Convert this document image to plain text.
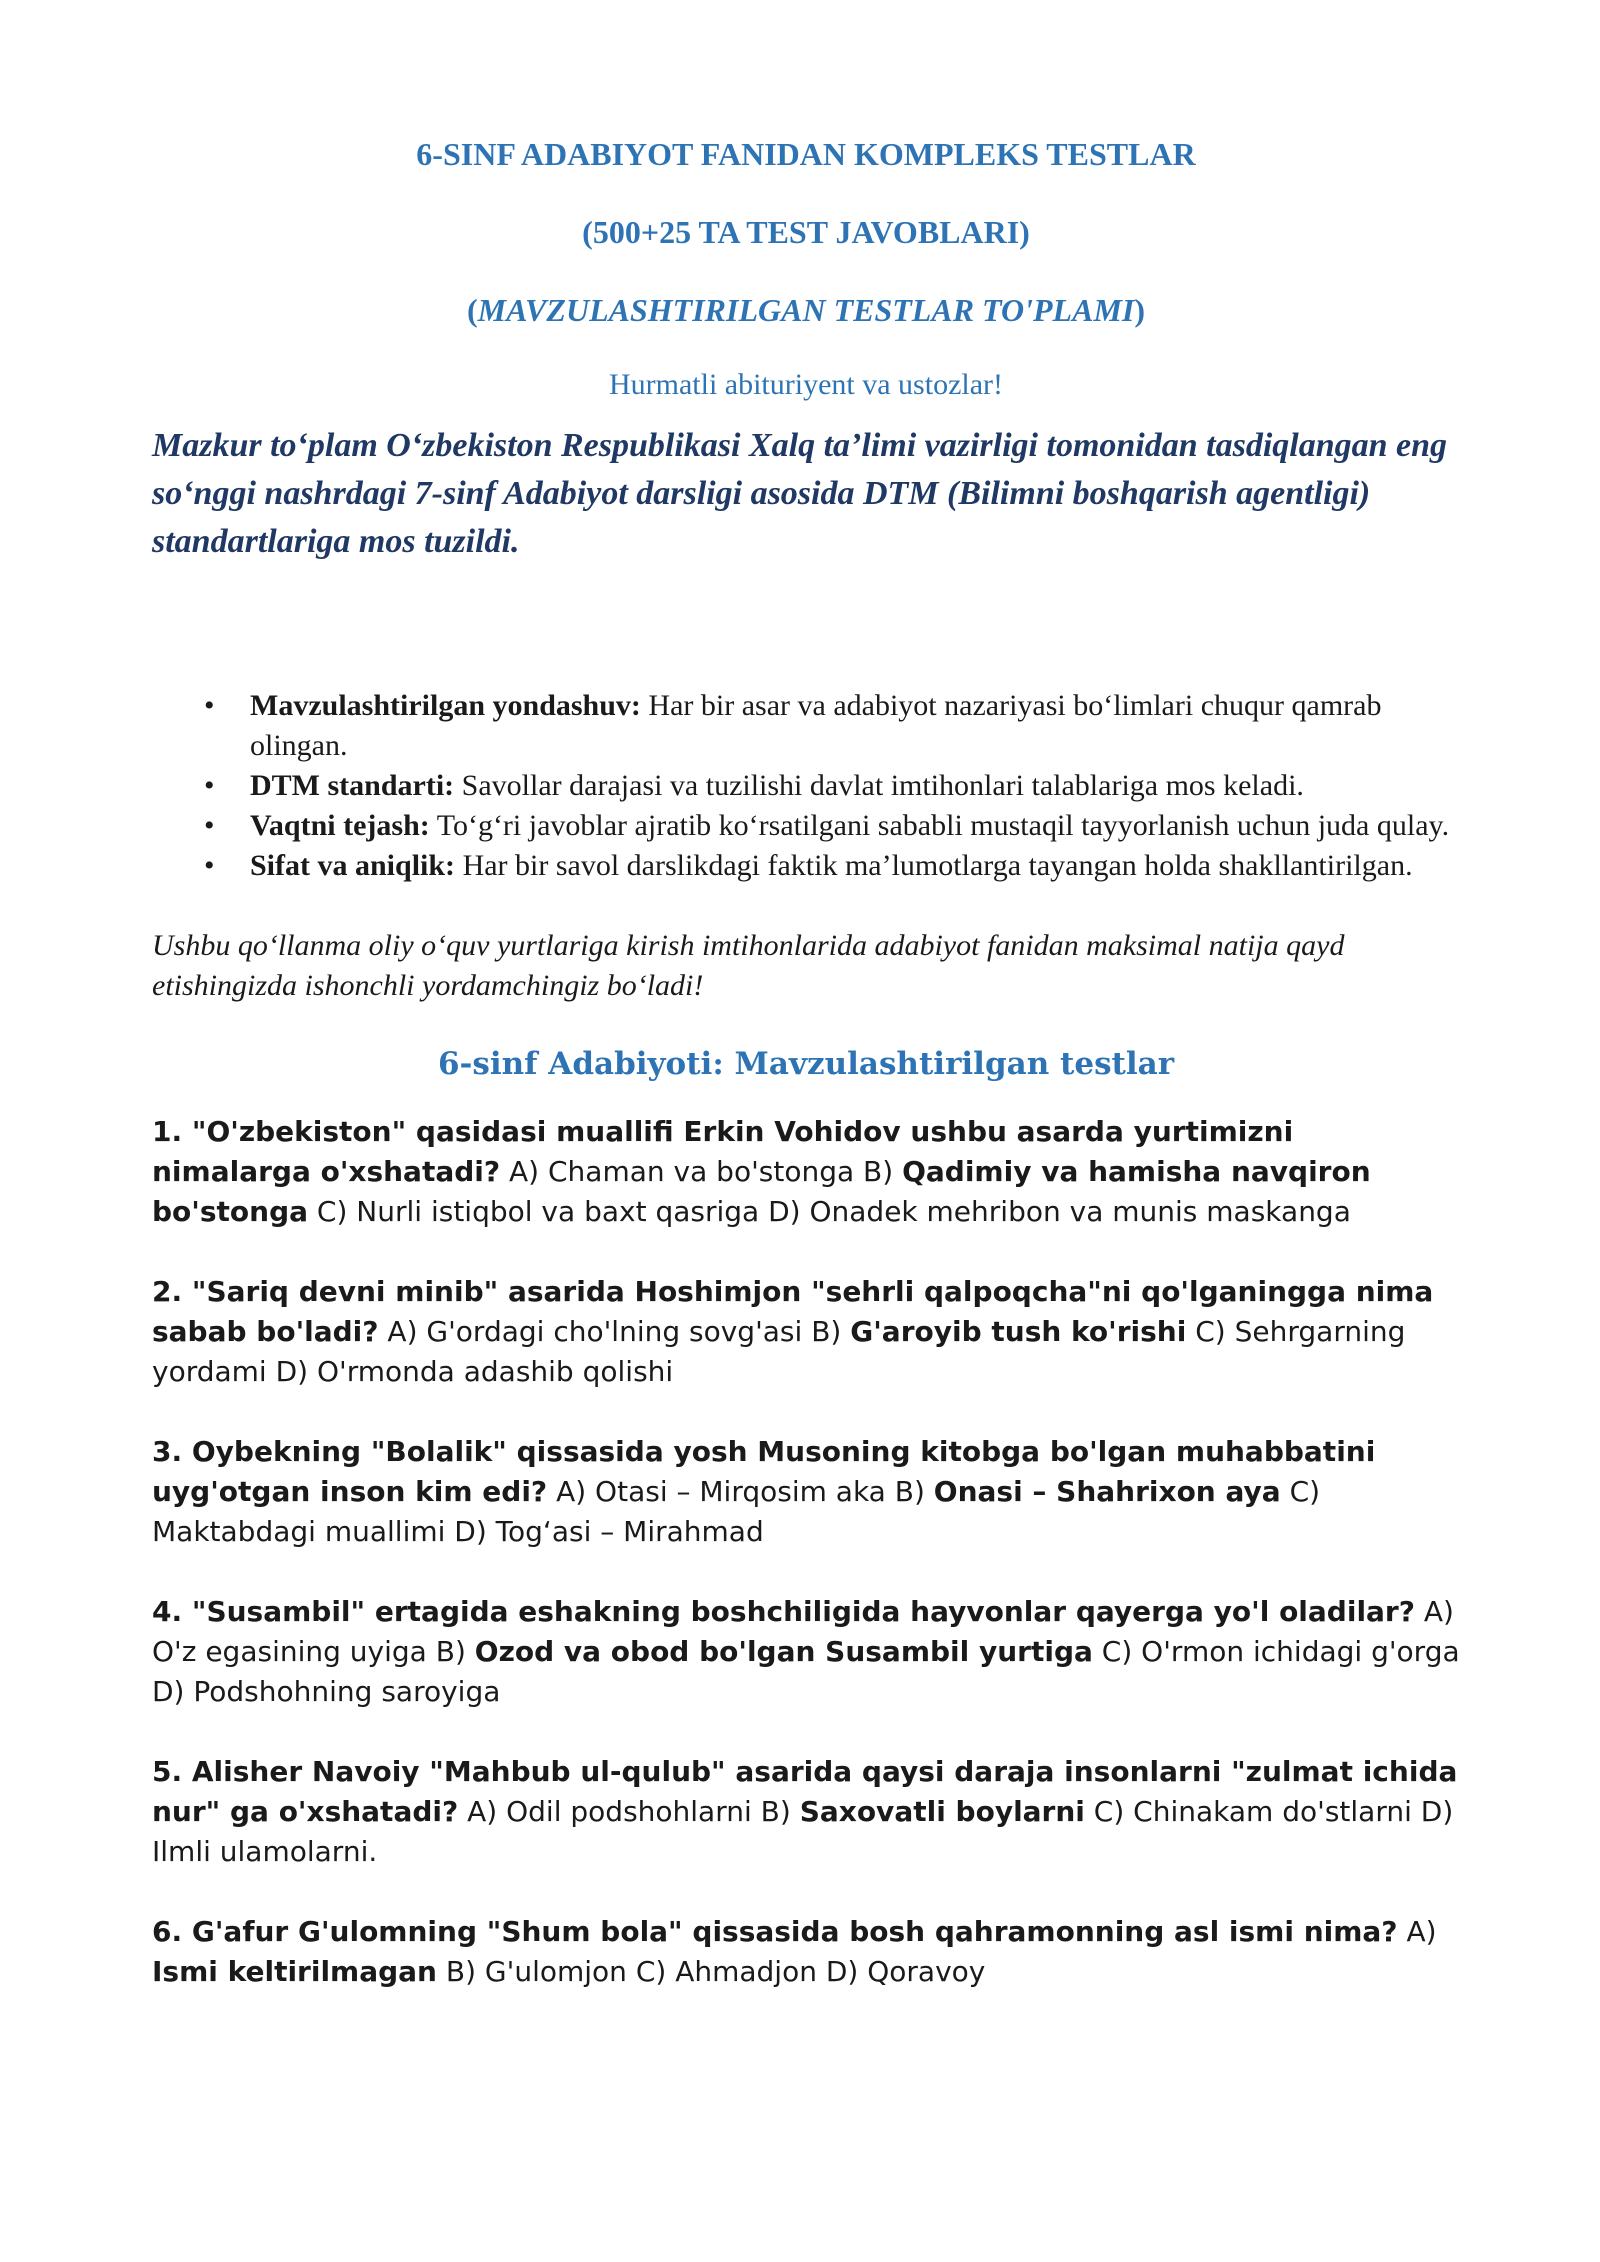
6-SINF ADABIYOT FANIDAN KOMPLEKS TESTLAR

(500+25 TA TEST JAVOBLARI)

(MAVZULASHTIRILGAN TESTLAR TO'PLAMI)

Hurmatli abituriyent va ustozlar!

Mazkur to‘plam O‘zbekiston Respublikasi Xalq ta’limi vazirligi tomonidan tasdiqlangan eng so‘nggi nashrdagi 7-sinf Adabiyot darsligi asosida DTM (Bilimni boshqarish agentligi) standartlariga mos tuzildi.

• Mavzulashtirilgan yondashuv: Har bir asar va adabiyot nazariyasi bo‘limlari chuqur qamrab olingan.
• DTM standarti: Savollar darajasi va tuzilishi davlat imtihonlari talablariga mos keladi.
• Vaqtni tejash: To‘g‘ri javoblar ajratib ko‘rsatilgani sababli mustaqil tayyorlanish uchun juda qulay.
• Sifat va aniqlik: Har bir savol darslikdagi faktik ma’lumotlarga tayangan holda shakllantirilgan.

Ushbu qo‘llanma oliy o‘quv yurtlariga kirish imtihonlarida adabiyot fanidan maksimal natija qayd etishingizda ishonchli yordamchingiz bo‘ladi!

6-sinf Adabiyoti: Mavzulashtirilgan testlar

1. "O'zbekiston" qasidasi muallifi Erkin Vohidov ushbu asarda yurtimizni nimalarga o'xshatadi? A) Chaman va bo'stonga B) Qadimiy va hamisha navqiron bo'stonga C) Nurli istiqbol va baxt qasriga D) Onadek mehribon va munis maskanga

2. "Sariq devni minib" asarida Hoshimjon "sehrli qalpoqcha"ni qo'lganingga nima sabab bo'ladi? A) G'ordagi cho'lning sovg'asi B) G'aroyib tush ko'rishi C) Sehrgarning yordami D) O'rmonda adashib qolishi

3. Oybekning "Bolalik" qissasida yosh Musoning kitobga bo'lgan muhabbatini uyg'otgan inson kim edi? A) Otasi – Mirqosim aka B) Onasi – Shahrixon aya C) Maktabdagi muallimi D) Tog‘asi – Mirahmad

4. "Susambil" ertagida eshakning boshchiligida hayvonlar qayerga yo'l oladilar? A) O'z egasining uyiga B) Ozod va obod bo'lgan Susambil yurtiga C) O'rmon ichidagi g'orga D) Podshohning saroyiga

5. Alisher Navoiy "Mahbub ul-qulub" asarida qaysi daraja insonlarni "zulmat ichida nur" ga o'xshatadi? A) Odil podshohlarni B) Saxovatli boylarni C) Chinakam do'stlarni D) Ilmli ulamolarni.

6. G'afur G'ulomning "Shum bola" qissasida bosh qahramonning asl ismi nima? A) Ismi keltirilmagan B) G'ulomjon C) Ahmadjon D) Qoravoy
